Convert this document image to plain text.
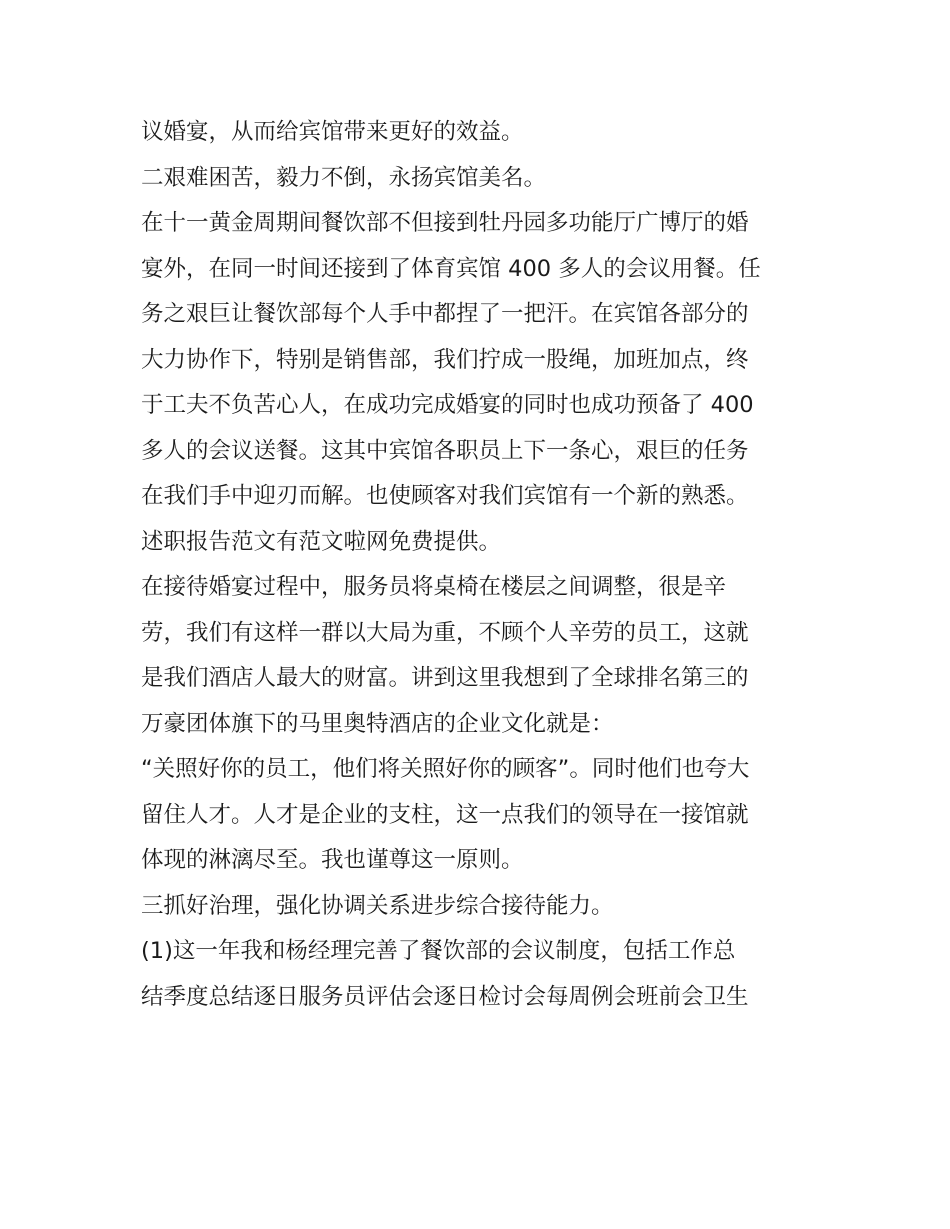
议婚宴，从而给宾馆带来更好的效益。
二艰难困苦，毅力不倒，永扬宾馆美名。
在十一黄金周期间餐饮部不但接到牡丹园多功能厅广博厅的婚
宴外，在同一时间还接到了体育宾馆 400 多人的会议用餐。任
务之艰巨让餐饮部每个人手中都捏了一把汗。在宾馆各部分的
大力协作下，特别是销售部，我们拧成一股绳，加班加点，终
于工夫不负苦心人，在成功完成婚宴的同时也成功预备了 400
多人的会议送餐。这其中宾馆各职员上下一条心，艰巨的任务
在我们手中迎刃而解。也使顾客对我们宾馆有一个新的熟悉。
述职报告范文有范文啦网免费提供。
在接待婚宴过程中，服务员将桌椅在楼层之间调整，很是辛
劳，我们有这样一群以大局为重，不顾个人辛劳的员工，这就
是我们酒店人最大的财富。讲到这里我想到了全球排名第三的
万豪团体旗下的马里奥特酒店的企业文化就是：
“关照好你的员工，他们将关照好你的顾客”。同时他们也夸大
留住人才。人才是企业的支柱，这一点我们的领导在一接馆就
体现的淋漓尽至。我也谨尊这一原则。
三抓好治理，强化协调关系进步综合接待能力。
(1)这一年我和杨经理完善了餐饮部的会议制度，包括工作总
结季度总结逐日服务员评估会逐日检讨会每周例会班前会卫生
